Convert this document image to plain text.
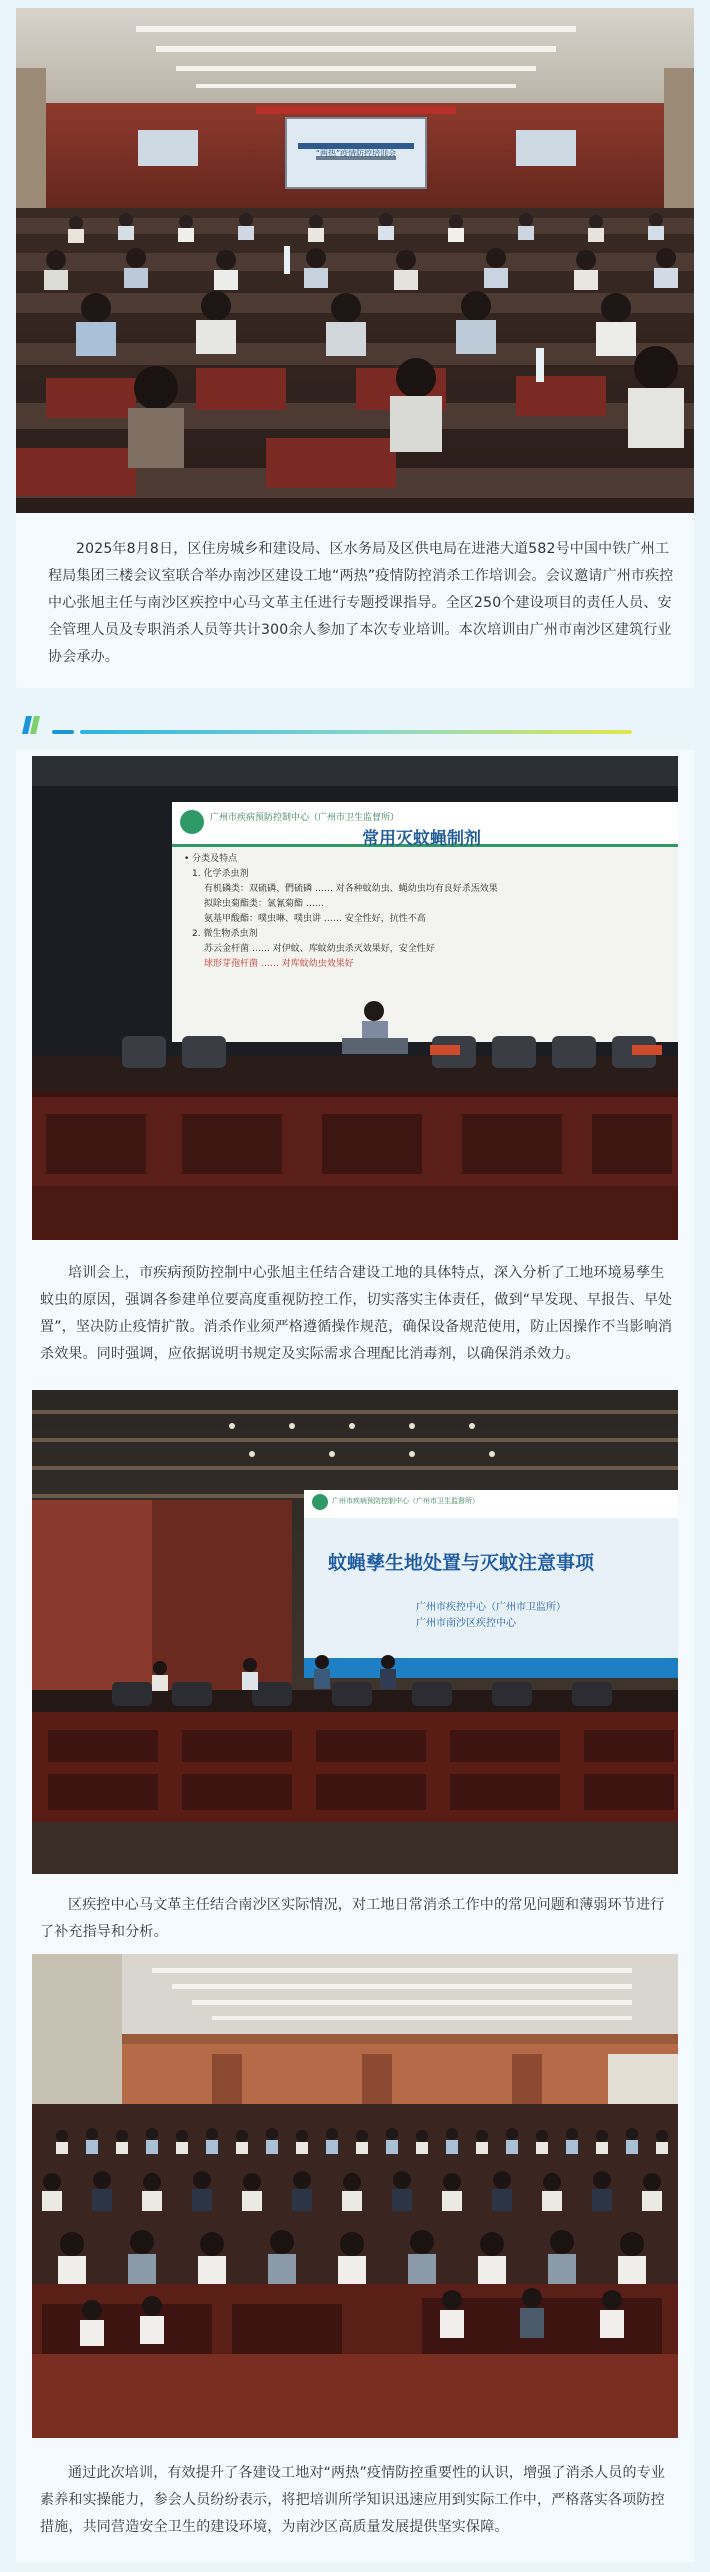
“两热”疫情防控培训会

2025年8月8日，区住房城乡和建设局、区水务局及区供电局在进港大道582号中国中铁广州工程局集团三楼会议室联合举办南沙区建设工地“两热”疫情防控消杀工作培训会。会议邀请广州市疾控中心张旭主任与南沙区疾控中心马文革主任进行专题授课指导。全区250个建设项目的责任人员、安全管理人员及专职消杀人员等共计300余人参加了本次专业培训。本次培训由广州市南沙区建筑行业协会承办。

广州市疾病预防控制中心（广州市卫生监督所）
常用灭蚊蝇制剂
• 分类及特点
1. 化学杀虫剂
有机磷类：双硫磷、們硫磷 …… 对各种蚊幼虫、蝇幼虫均有良好杀炁效果
拟除虫菊酯类：氯氰菊酯 ……
氨基甲酸酯：噗虫啉、噗虫讲 …… 安全性好，抗性不高
2. 微生物杀虫剂
苏云金杆菌 …… 对伊蚊、库蚊幼虫杀灭效果好，安全性好
球形芽孢杆菌 …… 对库蚊幼虫效果好

培训会上，市疾病预防控制中心张旭主任结合建设工地的具体特点，深入分析了工地环境易孳生蚊虫的原因，强调各参建单位要高度重视防控工作，切实落实主体责任，做到“早发现、早报告、早处置”，坚决防止疫情扩散。消杀作业须严格遵循操作规范，确保设备规范使用，防止因操作不当影响消杀效果。同时强调，应依据说明书规定及实际需求合理配比消毒剂，以确保消杀效力。

广州市疾病预防控制中心（广州市卫生监督所）
蚊蝇孳生地处置与灭蚊注意事项
广州市疾控中心（广州市卫监所）
广州市南沙区疾控中心

区疾控中心马文革主任结合南沙区实际情况，对工地日常消杀工作中的常见问题和薄弱环节进行了补充指导和分析。

通过此次培训，有效提升了各建设工地对“两热”疫情防控重要性的认识，增强了消杀人员的专业素养和实操能力，参会人员纷纷表示，将把培训所学知识迅速应用到实际工作中，严格落实各项防控措施，共同营造安全卫生的建设环境，为南沙区高质量发展提供坚实保障。
